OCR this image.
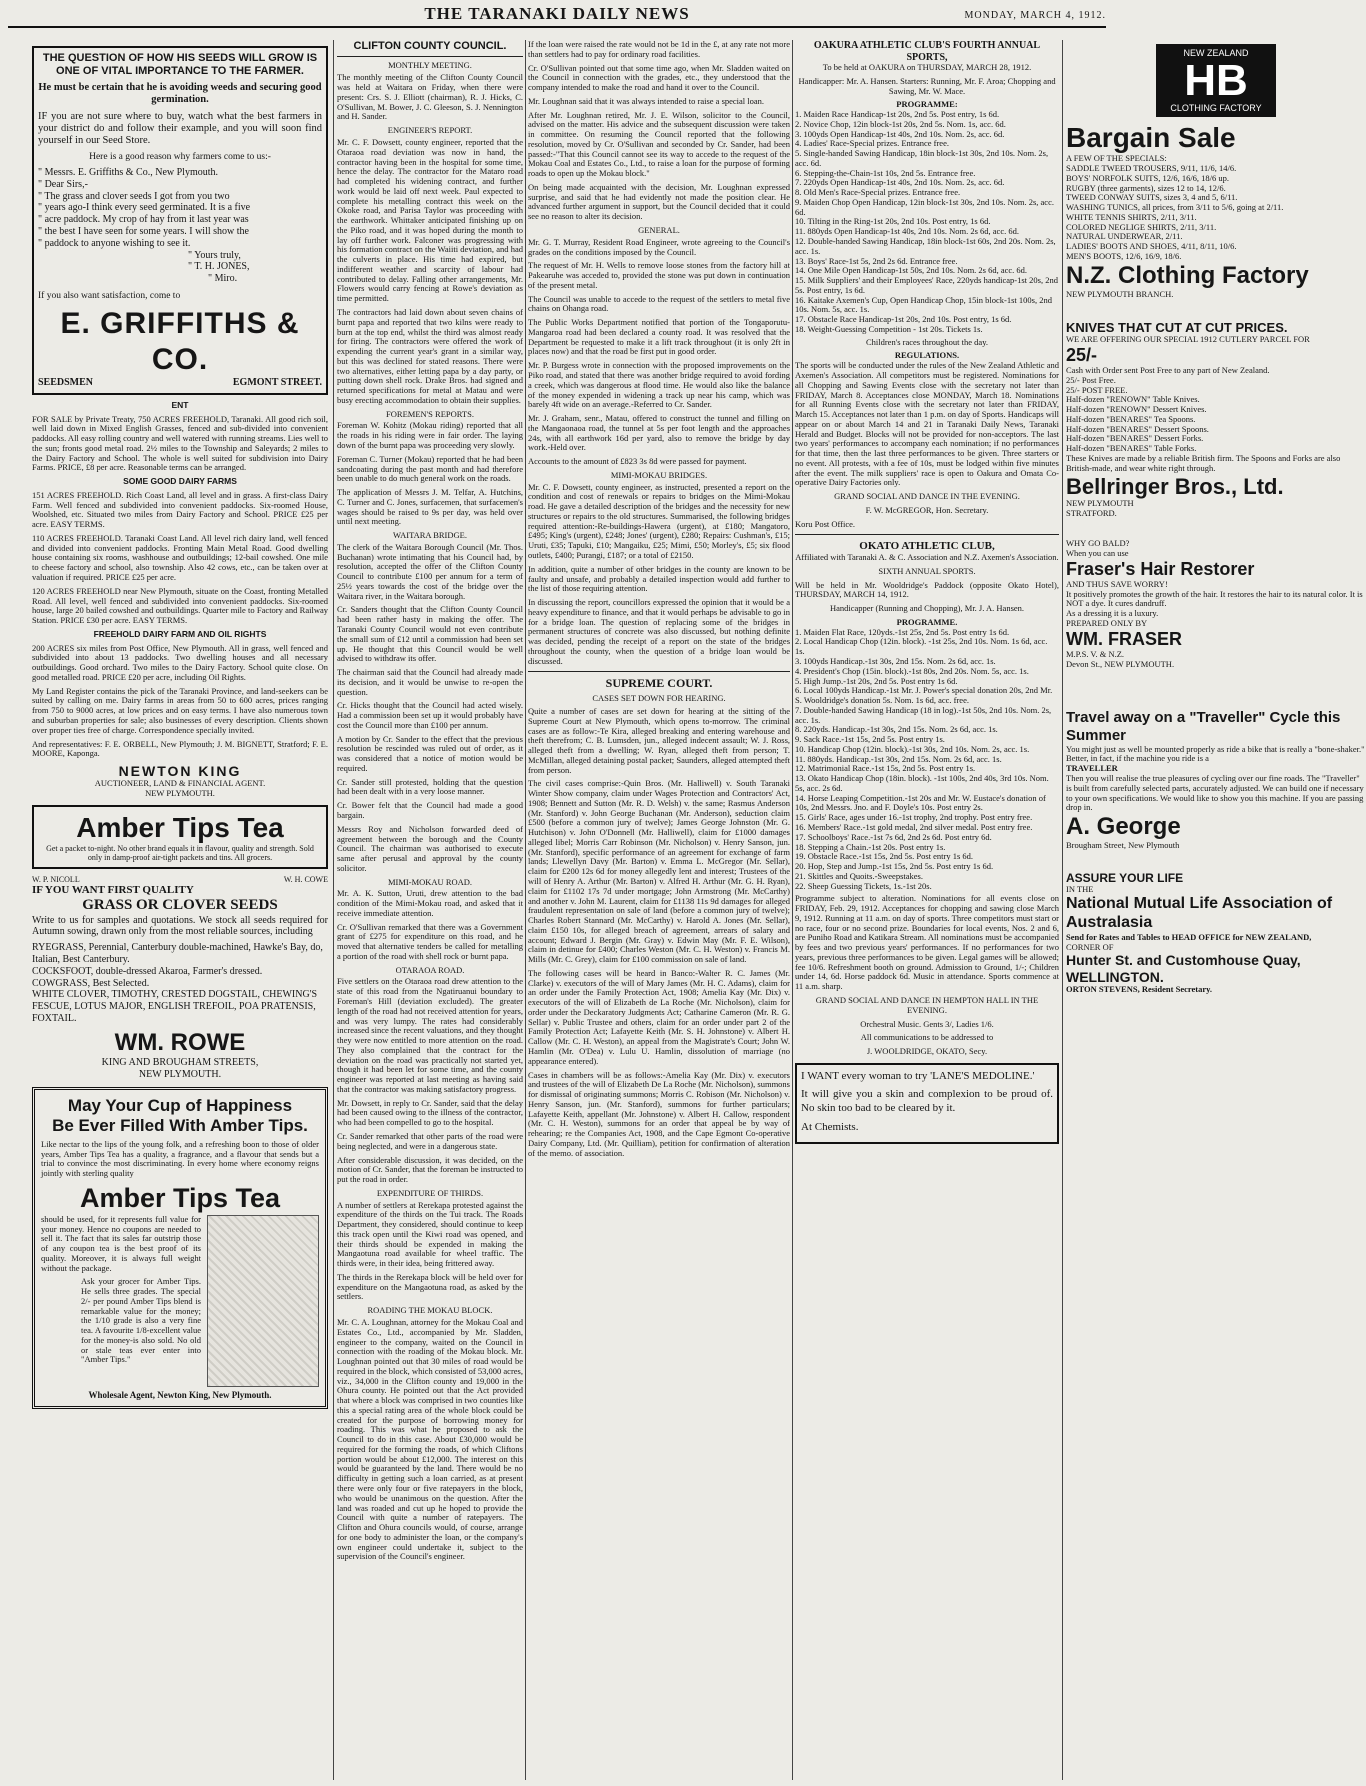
THE TARANAKI DAILY NEWS	MONDAY, MARCH 4, 1912.

THE QUESTION OF HOW HIS SEEDS WILL GROW IS ONE OF VITAL IMPORTANCE TO THE FARMER.

He must be certain that he is avoiding weeds and securing good germination.

IF you are not sure where to buy, watch what the best farmers in your district do and follow their example, and you will soon find yourself in our Seed Store.

Here is a good reason why farmers come to us:-

" Messrs. E. Griffiths & Co., New Plymouth.
" Dear Sirs,-
" The grass and clover seeds I got from you two
" years ago-I think every seed germinated. It is a five
" acre paddock. My crop of hay from it last year was
" the best I have seen for some years. I will show the
" paddock to anyone wishing to see it.
" Yours truly,
" T. H. JONES,
" Miro.

If you also want satisfaction, come to

E. GRIFFITHS & CO.
SEEDSMEN	EGMONT STREET.

ENT

FOR SALE by Private Treaty, 750 ACRES FREEHOLD, Taranaki. All good rich soil, well laid down in Mixed English Grasses, fenced and sub-divided into convenient paddocks. All easy rolling country and well watered with running streams. Lies well to the sun; fronts good metal road. 2½ miles to the Township and Saleyards; 2 miles to the Dairy Factory and School. The whole is well suited for subdivision into Dairy Farms. PRICE, £8 per acre. Reasonable terms can be arranged.

SOME GOOD DAIRY FARMS

151 ACRES FREEHOLD. Rich Coast Land, all level and in grass. A first-class Dairy Farm. Well fenced and subdivided into convenient paddocks. Six-roomed House, Woolshed, etc. Situated two miles from Dairy Factory and School. PRICE £25 per acre. EASY TERMS.

110 ACRES FREEHOLD. Taranaki Coast Land. All level rich dairy land, well fenced and divided into convenient paddocks. Fronting Main Metal Road. Good dwelling house containing six rooms, washhouse and outbuildings; 12-bail cowshed. One mile to cheese factory and school, also township. Also 42 cows, etc., can be taken over at valuation if required. PRICE £25 per acre.

120 ACRES FREEHOLD near New Plymouth, situate on the Coast, fronting Metalled Road. All level, well fenced and subdivided into convenient paddocks. Six-roomed house, large 20 bailed cowshed and outbuildings. Quarter mile to Factory and Railway Station. PRICE £30 per acre. EASY TERMS.

FREEHOLD DAIRY FARM AND OIL RIGHTS

200 ACRES six miles from Post Office, New Plymouth. All in grass, well fenced and subdivided into about 13 paddocks. Two dwelling houses and all necessary outbuildings. Good orchard. Two miles to the Dairy Factory. School quite close. On good metalled road. PRICE £20 per acre, including Oil Rights.

My Land Register contains the pick of the Taranaki Province, and land-seekers can be suited by calling on me. Dairy farms in areas from 50 to 600 acres, prices ranging from 750 to 9000 acres, at low prices and on easy terms. I have also numerous town and suburban properties for sale; also businesses of every description. Clients shown over proper ties free of charge. Correspondence specially invited.

And representatives: F. E. ORBELL, New Plymouth; J. M. BIGNETT, Stratford; F. E. MOORE, Kaponga.

NEWTON KING
AUCTIONEER, LAND & FINANCIAL AGENT.
NEW PLYMOUTH.
Amber Tips Tea
Get a packet to-night. No other brand equals it in flavour, quality and strength. Sold only in damp-proof air-tight packets and tins. All grocers.
W. P. NICOLL	W. H. COWE
IF YOU WANT FIRST QUALITY
GRASS OR CLOVER SEEDS

Write to us for samples and quotations. We stock all seeds required for Autumn sowing, drawn only from the most reliable sources, including

RYEGRASS, Perennial, Canterbury double-machined, Hawke's Bay, do, Italian, Best Canterbury.
COCKSFOOT, double-dressed Akaroa, Farmer's dressed.
COWGRASS, Best Selected.
WHITE CLOVER, TIMOTHY, CRESTED DOGSTAIL, CHEWING'S FESCUE, LOTUS MAJOR, ENGLISH TREFOIL, POA PRATENSIS, FOXTAIL.
WM. ROWE
KING AND BROUGHAM STREETS,
NEW PLYMOUTH.
May Your Cup of Happiness
Be Ever Filled With Amber Tips.

Like nectar to the lips of the young folk, and a refreshing boon to those of older years, Amber Tips Tea has a quality, a fragrance, and a flavour that sends but a trial to convince the most discriminating. In every home where economy reigns jointly with sterling quality

Amber Tips Tea

should be used, for it represents full value for your money. Hence no coupons are needed to sell it. The fact that its sales far outstrip those of any coupon tea is the best proof of its quality. Moreover, it is always full weight without the package.

Ask your grocer for Amber Tips. He sells three grades. The special 2/- per pound Amber Tips blend is remarkable value for the money; the 1/10 grade is also a very fine tea. A favourite 1/8-excellent value for the money-is also sold. No old or stale teas ever enter into "Amber Tips."

Wholesale Agent, Newton King, New Plymouth.
CLIFTON COUNTY COUNCIL.
MONTHLY MEETING.

The monthly meeting of the Clifton County Council was held at Waitara on Friday, when there were present: Crs. S. J. Elliott (chairman), R. J. Hicks, C. O'Sullivan, M. Bower, J. C. Gleeson, S. J. Nennington and H. Sander.

ENGINEER'S REPORT.

Mr. C. F. Dowsett, county engineer, reported that the Otaraoa road deviation was now in hand, the contractor having been in the hospital for some time, hence the delay. The contractor for the Mataro road had completed his widening contract, and further work would be laid off next week. Paul expected to complete his metalling contract this week on the Okoke road, and Parisa Taylor was proceeding with the earthwork. Whittaker anticipated finishing up on the Piko road, and it was hoped during the month to lay off further work. Falconer was progressing with his formation contract on the Waiiti deviation, and had the culverts in place. His time had expired, but indifferent weather and scarcity of labour had contributed to delay. Falling other arrangements, Mr. Flowers would carry fencing at Rowe's deviation as time permitted.

The contractors had laid down about seven chains of burnt papa and reported that two kilns were ready to burn at the top end, whilst the third was almost ready for firing. The contractors were offered the work of expending the current year's grant in a similar way, but this was declined for stated reasons. There were two alternatives, either letting papa by a day party, or putting down shell rock. Drake Bros. had signed and returned specifications for metal at Matau and were busy erecting accommodation to obtain their supplies.

FOREMEN'S REPORTS.

Foreman W. Kohitz (Mokau riding) reported that all the roads in his riding were in fair order. The laying down of the burnt papa was proceeding very slowly.

Foreman C. Turner (Mokau) reported that he had been sandcoating during the past month and had therefore been unable to do much general work on the roads.

The application of Messrs J. M. Telfar, A. Hutchins, C. Turner and C. Jones, surfacemen, that surfacemen's wages should be raised to 9s per day, was held over until next meeting.

WAITARA BRIDGE.

The clerk of the Waitara Borough Council (Mr. Thos. Buchanan) wrote intimating that his Council had, by resolution, accepted the offer of the Clifton County Council to contribute £100 per annum for a term of 25½ years towards the cost of the bridge over the Waitara river, in the Waitara borough.

Cr. Sanders thought that the Clifton County Council had been rather hasty in making the offer. The Taranaki County Council would not even contribute the small sum of £12 until a commission had been set up. He thought that this Council would be well advised to withdraw its offer.

The chairman said that the Council had already made its decision, and it would be unwise to re-open the question.

Cr. Hicks thought that the Council had acted wisely. Had a commission been set up it would probably have cost the Council more than £100 per annum.

A motion by Cr. Sander to the effect that the previous resolution be rescinded was ruled out of order, as it was considered that a notice of motion would be required.

Cr. Sander still protested, holding that the question had been dealt with in a very loose manner.

Cr. Bower felt that the Council had made a good bargain.

Messrs Roy and Nicholson forwarded deed of agreement between the borough and the County Council. The chairman was authorised to execute same after perusal and approval by the county solicitor.

MIMI-MOKAU ROAD.

Mr. A. K. Sutton, Uruti, drew attention to the bad condition of the Mimi-Mokau road, and asked that it receive immediate attention.

Cr. O'Sullivan remarked that there was a Government grant of £275 for expenditure on this road, and he moved that alternative tenders be called for metalling a portion of the road with shell rock or burnt papa.

OTARAOA ROAD.

Five settlers on the Otaraoa road drew attention to the state of this road from the Ngatiruanui boundary to Foreman's Hill (deviation excluded). The greater length of the road had not received attention for years, and was very lumpy. The rates had considerably increased since the recent valuations, and they thought they were now entitled to more attention on the road. They also complained that the contract for the deviation on the road was practically not started yet, though it had been let for some time, and the county engineer was reported at last meeting as having said that the contractor was making satisfactory progress.

Mr. Dowsett, in reply to Cr. Sander, said that the delay had been caused owing to the illness of the contractor, who had been compelled to go to the hospital.

Cr. Sander remarked that other parts of the road were being neglected, and were in a dangerous state.

After considerable discussion, it was decided, on the motion of Cr. Sander, that the foreman be instructed to put the road in order.

EXPENDITURE OF THIRDS.

A number of settlers at Rerekapa protested against the expenditure of the thirds on the Tui track. The Roads Department, they considered, should continue to keep this track open until the Kiwi road was opened, and their thirds should be expended in making the Mangaotuna road available for wheel traffic. The thirds were, in their idea, being frittered away.

The thirds in the Rerekapa block will be held over for expenditure on the Mangaotuna road, as asked by the settlers.

ROADING THE MOKAU BLOCK.

Mr. C. A. Loughnan, attorney for the Mokau Coal and Estates Co., Ltd., accompanied by Mr. Sladden, engineer to the company, waited on the Council in connection with the roading of the Mokau block. Mr. Loughnan pointed out that 30 miles of road would be required in the block, which consisted of 53,000 acres, viz., 34,000 in the Clifton county and 19,000 in the Ohura county. He pointed out that the Act provided that where a block was comprised in two counties like this a special rating area of the whole block could be created for the purpose of borrowing money for roading. This was what he proposed to ask the Council to do in this case. About £30,000 would be required for the forming the roads, of which Cliftons portion would be about £12,000. The interest on this would be guaranteed by the land. There would be no difficulty in getting such a loan carried, as at present there were only four or five ratepayers in the block, who would be unanimous on the question. After the land was roaded and cut up he hoped to provide the Council with quite a number of ratepayers. The Clifton and Ohura councils would, of course, arrange for one body to administer the loan, or the company's own engineer could undertake it, subject to the supervision of the Council's engineer.

If the loan were raised the rate would not be 1d in the £, at any rate not more than settlers had to pay for ordinary road facilities.

Cr. O'Sullivan pointed out that some time ago, when Mr. Sladden waited on the Council in connection with the grades, etc., they understood that the company intended to make the road and hand it over to the Council.

Mr. Loughnan said that it was always intended to raise a special loan.

After Mr. Loughnan retired, Mr. J. E. Wilson, solicitor to the Council, advised on the matter. His advice and the subsequent discussion were taken in committee. On resuming the Council reported that the following resolution, moved by Cr. O'Sullivan and seconded by Cr. Sander, had been passed:-"That this Council cannot see its way to accede to the request of the Mokau Coal and Estates Co., Ltd., to raise a loan for the purpose of forming roads to open up the Mokau block."

On being made acquainted with the decision, Mr. Loughnan expressed surprise, and said that he had evidently not made the position clear. He advanced further argument in support, but the Council decided that it could see no reason to alter its decision.

GENERAL.

Mr. G. T. Murray, Resident Road Engineer, wrote agreeing to the Council's grades on the conditions imposed by the Council.

The request of Mr. H. Wells to remove loose stones from the factory hill at Pakearuhe was acceded to, provided the stone was put down in continuation of the present metal.

The Council was unable to accede to the request of the settlers to metal five chains on Ohanga road.

The Public Works Department notified that portion of the Tongaporutu-Mangaroa road had been declared a county road. It was resolved that the Department be requested to make it a lift track throughout (it is only 2ft in places now) and that the road be first put in good order.

Mr. P. Burgess wrote in connection with the proposed improvements on the Piko road, and stated that there was another bridge required to avoid fording a creek, which was dangerous at flood time. He would also like the balance of the money expended in widening a track up near his camp, which was barely 4ft wide on an average.-Referred to Cr. Sander.

Mr. J. Graham, senr., Matau, offered to construct the tunnel and filling on the Mangaonaoa road, the tunnel at 5s per foot length and the approaches 24s, with all earthwork 16d per yard, also to remove the bridge by day work.-Held over.

Accounts to the amount of £823 3s 8d were passed for payment.

MIMI-MOKAU BRIDGES.

Mr. C. F. Dowsett, county engineer, as instructed, presented a report on the condition and cost of renewals or repairs to bridges on the Mimi-Mokau road. He gave a detailed description of the bridges and the necessity for new structures or repairs to the old structures. Summarised, the following bridges required attention:-Re-buildings-Hawera (urgent), at £180; Mangatoro, £495; King's (urgent), £248; Jones' (urgent), £280; Repairs: Cushman's, £15; Uruti, £35; Tapuki, £10; Mangaiku, £25; Mimi, £50; Morley's, £5; six flood outlets, £400; Purangi, £187; or a total of £2150.

In addition, quite a number of other bridges in the county are known to be faulty and unsafe, and probably a detailed inspection would add further to the list of those requiring attention.

In discussing the report, councillors expressed the opinion that it would be a heavy expenditure to finance, and that it would perhaps be advisable to go in for a bridge loan. The question of replacing some of the bridges in permanent structures of concrete was also discussed, but nothing definite was decided, pending the receipt of a report on the state of the bridges throughout the county, when the question of a bridge loan would be discussed.

SUPREME COURT.
CASES SET DOWN FOR HEARING.

Quite a number of cases are set down for hearing at the sitting of the Supreme Court at New Plymouth, which opens to-morrow. The criminal cases are as follow:-Te Kira, alleged breaking and entering warehouse and theft therefrom; C. B. Lumsden, jun., alleged indecent assault; W. J. Ross, alleged theft from a dwelling; W. Ryan, alleged theft from person; T. McMillan, alleged detaining postal packet; Saunders, alleged attempted theft from person.

The civil cases comprise:-Quin Bros. (Mr. Halliwell) v. South Taranaki Winter Show company, claim under Wages Protection and Contractors' Act, 1908; Bennett and Sutton (Mr. R. D. Welsh) v. the same; Rasmus Anderson (Mr. Stanford) v. John George Buchanan (Mr. Anderson), seduction claim £500 (before a common jury of twelve); James George Johnston (Mr. G. Hutchison) v. John O'Donnell (Mr. Halliwell), claim for £1000 damages alleged libel; Morris Carr Robinson (Mr. Nicholson) v. Henry Sanson, jun. (Mr. Stanford), specific performance of an agreement for exchange of farm lands; Llewellyn Davy (Mr. Barton) v. Emma L. McGregor (Mr. Sellar), claim for £200 12s 6d for money allegedly lent and interest; Trustees of the will of Henry A. Arthur (Mr. Barton) v. Alfred H. Arthur (Mr. G. H. Ryan), claim for £1102 17s 7d under mortgage; John Armstrong (Mr. McCarthy) and another v. John M. Laurent, claim for £1138 11s 9d damages for alleged fraudulent representation on sale of land (before a common jury of twelve); Charles Robert Stannard (Mr. McCarthy) v. Harold A. Jones (Mr. Sellar), claim £150 10s, for alleged breach of agreement, arrears of salary and account; Edward J. Bergin (Mr. Gray) v. Edwin May (Mr. F. E. Wilson), claim in detinue for £400; Charles Weston (Mr. C. H. Weston) v. Francis M. Mills (Mr. C. Grey), claim for £100 commission on sale of land.

The following cases will be heard in Banco:-Walter R. C. James (Mr. Clarke) v. executors of the will of Mary James (Mr. H. C. Adams), claim for an order under the Family Protection Act, 1908; Amelia Kay (Mr. Dix) v. executors of the will of Elizabeth de La Roche (Mr. Nicholson), claim for order under the Deckaratory Judgments Act; Catharine Cameron (Mr. R. G. Sellar) v. Public Trustee and others, claim for an order under part 2 of the Family Protection Act; Lafayette Keith (Mr. S. H. Johnstone) v. Albert H. Callow (Mr. C. H. Weston), an appeal from the Magistrate's Court; John W. Hamlin (Mr. O'Dea) v. Lulu U. Hamlin, dissolution of marriage (no appearance entered).

Cases in chambers will be as follows:-Amelia Kay (Mr. Dix) v. executors and trustees of the will of Elizabeth De La Roche (Mr. Nicholson), summons for dismissal of originating summons; Morris C. Robison (Mr. Nicholson) v. Henry Sanson, jun. (Mr. Stanford), summons for further particulars; Lafayette Keith, appellant (Mr. Johnstone) v. Albert H. Callow, respondent (Mr. C. H. Weston), summons for an order that appeal be by way of rehearing; re the Companies Act, 1908, and the Cape Egmont Co-operative Dairy Company, Ltd. (Mr. Quilliam), petition for confirmation of alteration of the memo. of association.

OAKURA ATHLETIC CLUB'S FOURTH ANNUAL SPORTS,

To be held at OAKURA on THURSDAY, MARCH 28, 1912.

Handicapper: Mr. A. Hansen. Starters: Running, Mr. F. Aroa; Chopping and Sawing, Mr. W. Mace.

PROGRAMME:
1. Maiden Race Handicap-1st 20s, 2nd 5s. Post entry, 1s 6d.
2. Novice Chop, 12in block-1st 20s, 2nd 5s. Nom. 1s, acc. 6d.
3. 100yds Open Handicap-1st 40s, 2nd 10s. Nom. 2s, acc. 6d.
4. Ladies' Race-Special prizes. Entrance free.
5. Single-handed Sawing Handicap, 18in block-1st 30s, 2nd 10s. Nom. 2s, acc. 6d.
6. Stepping-the-Chain-1st 10s, 2nd 5s. Entrance free.
7. 220yds Open Handicap-1st 40s, 2nd 10s. Nom. 2s, acc. 6d.
8. Old Men's Race-Special prizes. Entrance free.
9. Maiden Chop Open Handicap, 12in block-1st 30s, 2nd 10s. Nom. 2s, acc. 6d.
10. Tilting in the Ring-1st 20s, 2nd 10s. Post entry, 1s 6d.
11. 880yds Open Handicap-1st 40s, 2nd 10s. Nom. 2s 6d, acc. 6d.
12. Double-handed Sawing Handicap, 18in block-1st 60s, 2nd 20s. Nom. 2s, acc. 1s.
13. Boys' Race-1st 5s, 2nd 2s 6d. Entrance free.
14. One Mile Open Handicap-1st 50s, 2nd 10s. Nom. 2s 6d, acc. 6d.
15. Milk Suppliers' and their Employees' Race, 220yds handicap-1st 20s, 2nd 5s. Post entry, 1s 6d.
16. Kaitake Axemen's Cup, Open Handicap Chop, 15in block-1st 100s, 2nd 10s. Nom. 5s, acc. 1s.
17. Obstacle Race Handicap-1st 20s, 2nd 10s. Post entry, 1s 6d.
18. Weight-Guessing Competition - 1st 20s. Tickets 1s.

Children's races throughout the day.

REGULATIONS.

The sports will be conducted under the rules of the New Zealand Athletic and Axemen's Association. All competitors must be registered. Nominations for all Chopping and Sawing Events close with the secretary not later than FRIDAY, March 8. Acceptances close MONDAY, March 18. Nominations for all Running Events close with the secretary not later than FRIDAY, March 15. Acceptances not later than 1 p.m. on day of Sports. Handicaps will appear on or about March 14 and 21 in Taranaki Daily News, Taranaki Herald and Budget. Blocks will not be provided for non-acceptors. The last two years' performances to accompany each nomination; if no performances for that time, then the last three performances to be given. Three starters or no event. All protests, with a fee of 10s, must be lodged within five minutes after the event. The milk suppliers' race is open to Oakura and Omata Co-operative Dairy Factories only.

GRAND SOCIAL AND DANCE IN THE EVENING.

F. W. McGREGOR, Hon. Secretary.

Koru Post Office.

OKATO ATHLETIC CLUB,

Affiliated with Taranaki A. & C. Association and N.Z. Axemen's Association.

SIXTH ANNUAL SPORTS.

Will be held in Mr. Wooldridge's Paddock (opposite Okato Hotel), THURSDAY, MARCH 14, 1912.

Handicapper (Running and Chopping), Mr. J. A. Hansen.

PROGRAMME.
1. Maiden Flat Race, 120yds.-1st 25s, 2nd 5s. Post entry 1s 6d.
2. Local Handicap Chop (12in. block). -1st 25s, 2nd 10s. Nom. 1s 6d, acc. 1s.
3. 100yds Handicap.-1st 30s, 2nd 15s. Nom. 2s 6d, acc. 1s.
4. President's Chop (15in. block).-1st 80s, 2nd 20s. Nom. 5s, acc. 1s.
5. High Jump.-1st 20s, 2nd 5s. Post entry 1s 6d.
6. Local 100yds Handicap.-1st Mr. J. Power's special donation 20s, 2nd Mr. S. Wooldridge's donation 5s. Nom. 1s 6d, acc. free.
7. Double-handed Sawing Handicap (18 in log).-1st 50s, 2nd 10s. Nom. 2s, acc. 1s.
8. 220yds. Handicap.-1st 30s, 2nd 15s. Nom. 2s 6d, acc. 1s.
9. Sack Race.-1st 15s, 2nd 5s. Post entry 1s.
10. Handicap Chop (12in. block).-1st 30s, 2nd 10s. Nom. 2s, acc. 1s.
11. 880yds. Handicap.-1st 30s, 2nd 15s. Nom. 2s 6d, acc. 1s.
12. Matrimonial Race.-1st 15s, 2nd 5s. Post entry 1s.
13. Okato Handicap Chop (18in. block). -1st 100s, 2nd 40s, 3rd 10s. Nom. 5s, acc. 2s 6d.
14. Horse Leaping Competition.-1st 20s and Mr. W. Eustace's donation of 10s, 2nd Messrs. Jno. and F. Doyle's 10s. Post entry 2s.
15. Girls' Race, ages under 16.-1st trophy, 2nd trophy. Post entry free.
16. Members' Race.-1st gold medal, 2nd silver medal. Post entry free.
17. Schoolboys' Race.-1st 7s 6d, 2nd 2s 6d. Post entry 6d.
18. Stepping a Chain.-1st 20s. Post entry 1s.
19. Obstacle Race.-1st 15s, 2nd 5s. Post entry 1s 6d.
20. Hop, Step and Jump.-1st 15s, 2nd 5s. Post entry 1s 6d.
21. Skittles and Quoits.-Sweepstakes.
22. Sheep Guessing Tickets, 1s.-1st 20s.

Programme subject to alteration. Nominations for all events close on FRIDAY, Feb. 29, 1912. Acceptances for chopping and sawing close March 9, 1912. Running at 11 a.m. on day of sports. Three competitors must start or no race, four or no second prize. Boundaries for local events, Nos. 2 and 6, are Puniho Road and Katikara Stream. All nominations must be accompanied by fees and two previous years' performances. If no performances for two years, previous three performances to be given. Legal games will be allowed; fee 10/6. Refreshment booth on ground. Admission to Ground, 1/-; Children under 14, 6d. Horse paddock 6d. Music in attendance. Sports commence at 11 a.m. sharp.

GRAND SOCIAL AND DANCE IN HEMPTON HALL IN THE EVENING.

Orchestral Music. Gents 3/, Ladies 1/6.

All communications to be addressed to

J. WOOLDRIDGE, OKATO, Secy.

I WANT every woman to try 'LANE'S MEDOLINE.'

It will give you a skin and complexion to be proud of. No skin too bad to be cleared by it.

At Chemists.

NEW ZEALAND
HB
CLOTHING FACTORY
Bargain Sale
A FEW OF THE SPECIALS:
SADDLE TWEED TROUSERS, 9/11, 11/6, 14/6.
BOYS' NORFOLK SUITS, 12/6, 16/6, 18/6 up.
RUGBY (three garments), sizes 12 to 14, 12/6.
TWEED CONWAY SUITS, sizes 3, 4 and 5, 6/11.
WASHING TUNICS, all prices, from 3/11 to 5/6, going at 2/11.
WHITE TENNIS SHIRTS, 2/11, 3/11.
COLORED NEGLIGE SHIRTS, 2/11, 3/11.
NATURAL UNDERWEAR, 2/11.
LADIES' BOOTS AND SHOES, 4/11, 8/11, 10/6.
MEN'S BOOTS, 12/6, 16/9, 18/6.
N.Z. Clothing Factory
NEW PLYMOUTH BRANCH.
KNIVES THAT CUT AT CUT PRICES.
WE ARE OFFERING OUR SPECIAL 1912 CUTLERY PARCEL FOR
25/-
Cash with Order sent Post Free to any part of New Zealand.
25/- Post Free.
25/- POST FREE.
Half-dozen "RENOWN" Table Knives.
Half-dozen "RENOWN" Dessert Knives.
Half-dozen "BENARES" Tea Spoons.
Half-dozen "BENARES" Dessert Spoons.
Half-dozen "BENARES" Dessert Forks.
Half-dozen "BENARES" Table Forks.
These Knives are made by a reliable British firm. The Spoons and Forks are also British-made, and wear white right through.
Bellringer Bros., Ltd.
NEW PLYMOUTH
STRATFORD.
WHY GO BALD?
When you can use
Fraser's Hair Restorer
AND THUS SAVE WORRY!
It positively promotes the growth of the hair. It restores the hair to its natural color. It is NOT a dye. It cures dandruff.
As a dressing it is a luxury.
PREPARED ONLY BY
WM. FRASER
M.P.S. V. & N.Z.
Devon St., NEW PLYMOUTH.
Travel away on a "Traveller" Cycle this Summer
You might just as well be mounted properly as ride a bike that is really a "bone-shaker." Better, in fact, if the machine you ride is a
TRAVELLER
Then you will realise the true pleasures of cycling over our fine roads. The "Traveller" is built from carefully selected parts, accurately adjusted. We can build one if necessary to your own specifications. We would like to show you this machine. If you are passing drop in.
A. George
Brougham Street, New Plymouth
ASSURE YOUR LIFE
IN THE
National Mutual Life Association of Australasia
Send for Rates and Tables to HEAD OFFICE for NEW ZEALAND,
CORNER OF
Hunter St. and Customhouse Quay, WELLINGTON.
ORTON STEVENS, Resident Secretary.
